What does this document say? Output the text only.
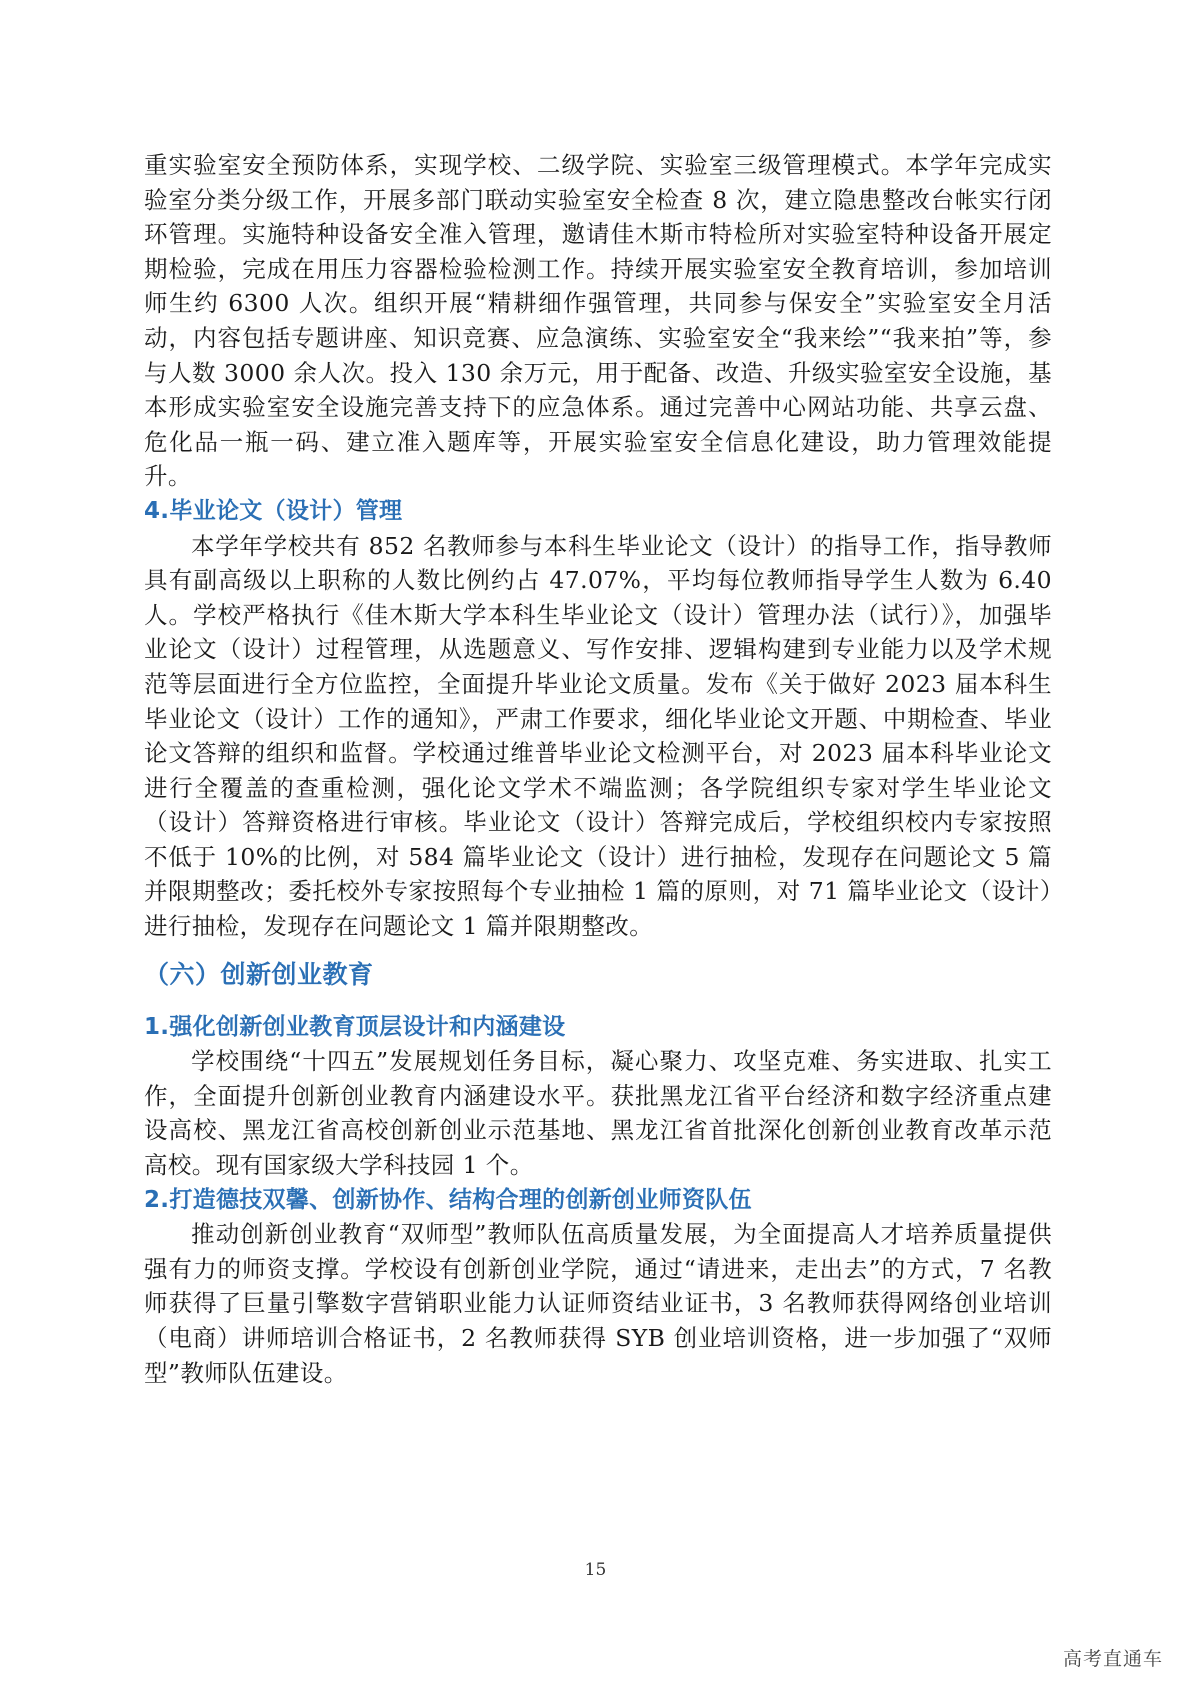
重实验室安全预防体系，实现学校、二级学院、实验室三级管理模式。本学年完成实验室分类分级工作，开展多部门联动实验室安全检查 8 次，建立隐患整改台帐实行闭环管理。实施特种设备安全准入管理，邀请佳木斯市特检所对实验室特种设备开展定期检验，完成在用压力容器检验检测工作。持续开展实验室安全教育培训，参加培训师生约 6300 人次。组织开展“精耕细作强管理，共同参与保安全”实验室安全月活动，内容包括专题讲座、知识竞赛、应急演练、实验室安全“我来绘”“我来拍”等，参与人数 3000 余人次。投入 130 余万元，用于配备、改造、升级实验室安全设施，基本形成实验室安全设施完善支持下的应急体系。通过完善中心网站功能、共享云盘、危化品一瓶一码、建立准入题库等，开展实验室安全信息化建设，助力管理效能提升。

4.毕业论文（设计）管理

本学年学校共有 852 名教师参与本科生毕业论文（设计）的指导工作，指导教师具有副高级以上职称的人数比例约占 47.07%，平均每位教师指导学生人数为 6.40 人。学校严格执行《佳木斯大学本科生毕业论文（设计）管理办法（试行）》，加强毕业论文（设计）过程管理，从选题意义、写作安排、逻辑构建到专业能力以及学术规范等层面进行全方位监控，全面提升毕业论文质量。发布《关于做好 2023 届本科生毕业论文（设计）工作的通知》，严肃工作要求，细化毕业论文开题、中期检查、毕业论文答辩的组织和监督。学校通过维普毕业论文检测平台，对 2023 届本科毕业论文进行全覆盖的查重检测，强化论文学术不端监测；各学院组织专家对学生毕业论文（设计）答辩资格进行审核。毕业论文（设计）答辩完成后，学校组织校内专家按照不低于 10%的比例，对 584 篇毕业论文（设计）进行抽检，发现存在问题论文 5 篇并限期整改；委托校外专家按照每个专业抽检 1 篇的原则，对 71 篇毕业论文（设计）进行抽检，发现存在问题论文 1 篇并限期整改。

（六）创新创业教育
1.强化创新创业教育顶层设计和内涵建设

学校围绕“十四五”发展规划任务目标，凝心聚力、攻坚克难、务实进取、扎实工作，全面提升创新创业教育内涵建设水平。获批黑龙江省平台经济和数字经济重点建设高校、黑龙江省高校创新创业示范基地、黑龙江省首批深化创新创业教育改革示范高校。现有国家级大学科技园 1 个。

2.打造德技双馨、创新协作、结构合理的创新创业师资队伍

推动创新创业教育“双师型”教师队伍高质量发展，为全面提高人才培养质量提供强有力的师资支撑。学校设有创新创业学院，通过“请进来，走出去”的方式，7 名教师获得了巨量引擎数字营销职业能力认证师资结业证书，3 名教师获得网络创业培训（电商）讲师培训合格证书，2 名教师获得 SYB 创业培训资格，进一步加强了“双师型”教师队伍建设。

15
高考直通车
